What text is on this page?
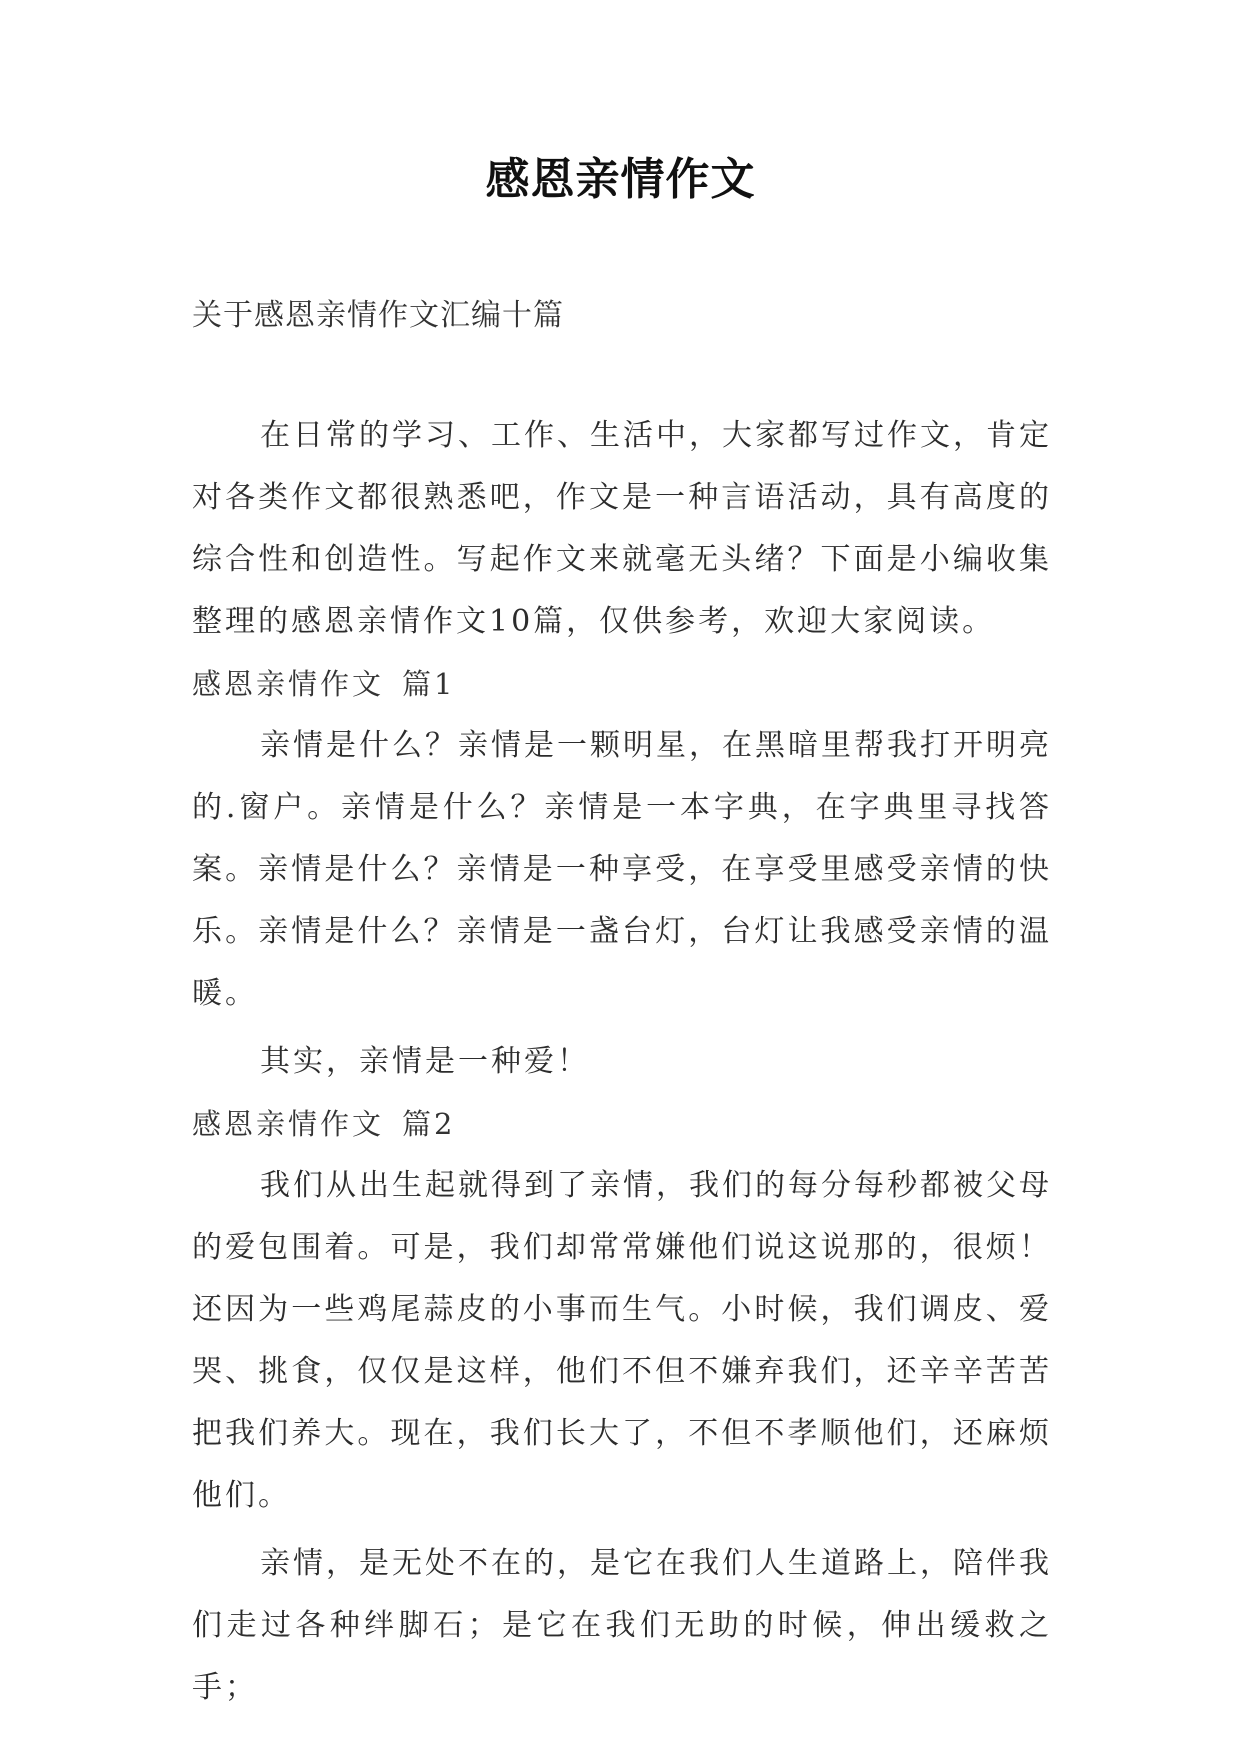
感恩亲情作文
关于感恩亲情作文汇编十篇

在日常的学习、工作、生活中，大家都写过作文，肯定对各类作文都很熟悉吧，作文是一种言语活动，具有高度的综合性和创造性。写起作文来就毫无头绪？下面是小编收集整理的感恩亲情作文10篇，仅供参考，欢迎大家阅读。

感恩亲情作文 篇1

亲情是什么？亲情是一颗明星，在黑暗里帮我打开明亮的.窗户。亲情是什么？亲情是一本字典，在字典里寻找答案。亲情是什么？亲情是一种享受，在享受里感受亲情的快乐。亲情是什么？亲情是一盏台灯，台灯让我感受亲情的温暖。

其实，亲情是一种爱！

感恩亲情作文 篇2

我们从出生起就得到了亲情，我们的每分每秒都被父母的爱包围着。可是，我们却常常嫌他们说这说那的，很烦！还因为一些鸡尾蒜皮的小事而生气。小时候，我们调皮、爱哭、挑食，仅仅是这样，他们不但不嫌弃我们，还辛辛苦苦把我们养大。现在，我们长大了，不但不孝顺他们，还麻烦他们。

亲情，是无处不在的，是它在我们人生道路上，陪伴我们走过各种绊脚石；是它在我们无助的时候，伸出缓救之手；
